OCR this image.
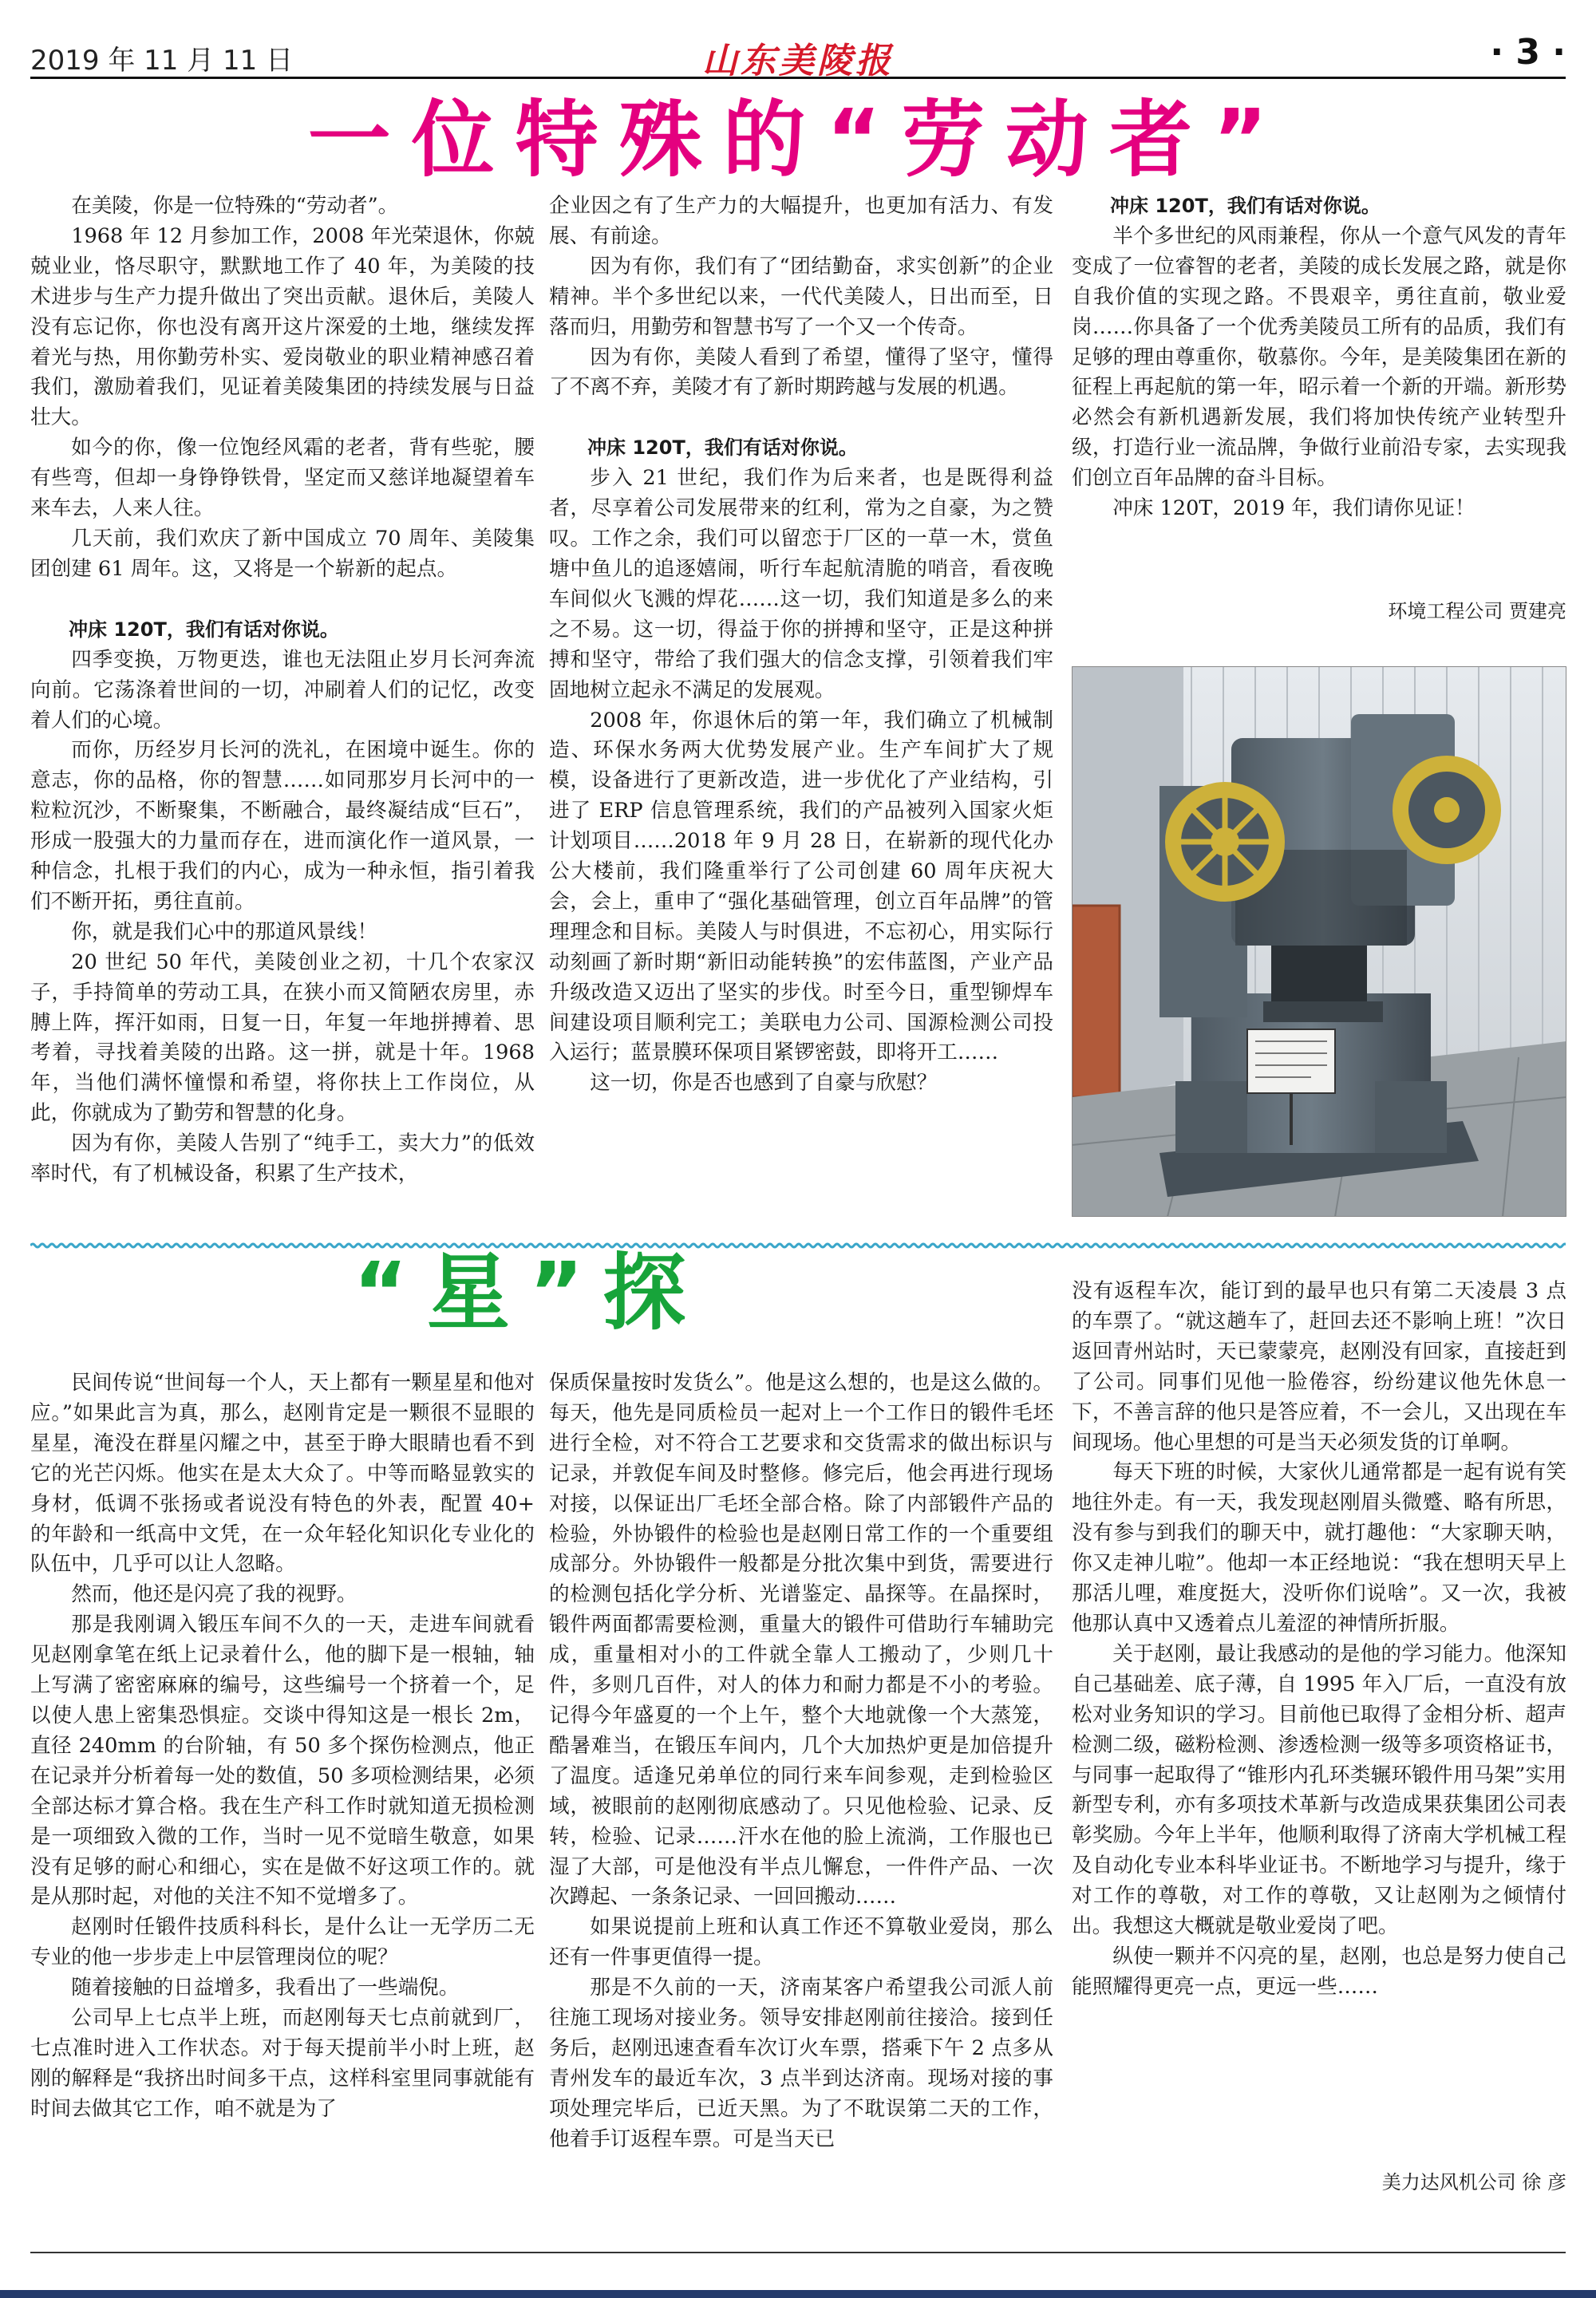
2019 年 11 月 11 日	山东美陵报	· 3 ·
一位特殊的“劳动者”

在美陵，你是一位特殊的“劳动者”。

1968 年 12 月参加工作，2008 年光荣退休，你兢兢业业，恪尽职守，默默地工作了 40 年，为美陵的技术进步与生产力提升做出了突出贡献。退休后，美陵人没有忘记你，你也没有离开这片深爱的土地，继续发挥着光与热，用你勤劳朴实、爱岗敬业的职业精神感召着我们，激励着我们，见证着美陵集团的持续发展与日益壮大。

如今的你，像一位饱经风霜的老者，背有些驼，腰有些弯，但却一身铮铮铁骨，坚定而又慈详地凝望着车来车去，人来人往。

几天前，我们欢庆了新中国成立 70 周年、美陵集团创建 61 周年。这，又将是一个崭新的起点。

冲床 120T，我们有话对你说。

四季变换，万物更迭，谁也无法阻止岁月长河奔流向前。它荡涤着世间的一切，冲刷着人们的记忆，改变着人们的心境。

而你，历经岁月长河的洗礼，在困境中诞生。你的意志，你的品格，你的智慧……如同那岁月长河中的一粒粒沉沙，不断聚集，不断融合，最终凝结成“巨石”，形成一股强大的力量而存在，进而演化作一道风景，一种信念，扎根于我们的内心，成为一种永恒，指引着我们不断开拓，勇往直前。

你，就是我们心中的那道风景线！

20 世纪 50 年代，美陵创业之初，十几个农家汉子，手持简单的劳动工具，在狭小而又简陋农房里，赤膊上阵，挥汗如雨，日复一日，年复一年地拼搏着、思考着，寻找着美陵的出路。这一拼，就是十年。1968 年，当他们满怀憧憬和希望，将你扶上工作岗位，从此，你就成为了勤劳和智慧的化身。

因为有你，美陵人告别了“纯手工，卖大力”的低效率时代，有了机械设备，积累了生产技术，

企业因之有了生产力的大幅提升，也更加有活力、有发展、有前途。

因为有你，我们有了“团结勤奋，求实创新”的企业精神。半个多世纪以来，一代代美陵人，日出而至，日落而归，用勤劳和智慧书写了一个又一个传奇。

因为有你，美陵人看到了希望，懂得了坚守，懂得了不离不弃，美陵才有了新时期跨越与发展的机遇。

冲床 120T，我们有话对你说。

步入 21 世纪，我们作为后来者，也是既得利益者，尽享着公司发展带来的红利，常为之自豪，为之赞叹。工作之余，我们可以留恋于厂区的一草一木，赏鱼塘中鱼儿的追逐嬉闹，听行车起航清脆的哨音，看夜晚车间似火飞溅的焊花……这一切，我们知道是多么的来之不易。这一切，得益于你的拼搏和坚守，正是这种拼搏和坚守，带给了我们强大的信念支撑，引领着我们牢固地树立起永不满足的发展观。

2008 年，你退休后的第一年，我们确立了机械制造、环保水务两大优势发展产业。生产车间扩大了规模，设备进行了更新改造，进一步优化了产业结构，引进了 ERP 信息管理系统，我们的产品被列入国家火炬计划项目……2018 年 9 月 28 日，在崭新的现代化办公大楼前，我们隆重举行了公司创建 60 周年庆祝大会，会上，重申了“强化基础管理，创立百年品牌”的管理理念和目标。美陵人与时俱进，不忘初心，用实际行动刻画了新时期“新旧动能转换”的宏伟蓝图，产业产品升级改造又迈出了坚实的步伐。时至今日，重型铆焊车间建设项目顺利完工；美联电力公司、国源检测公司投入运行；蓝景膜环保项目紧锣密鼓，即将开工……

这一切，你是否也感到了自豪与欣慰？

冲床 120T，我们有话对你说。

半个多世纪的风雨兼程，你从一个意气风发的青年变成了一位睿智的老者，美陵的成长发展之路，就是你自我价值的实现之路。不畏艰辛，勇往直前，敬业爱岗……你具备了一个优秀美陵员工所有的品质，我们有足够的理由尊重你，敬慕你。今年，是美陵集团在新的征程上再起航的第一年，昭示着一个新的开端。新形势必然会有新机遇新发展，我们将加快传统产业转型升级，打造行业一流品牌，争做行业前沿专家，去实现我们创立百年品牌的奋斗目标。

冲床 120T，2019 年，我们请你见证！

环境工程公司 贾建亮

“星”探

民间传说“世间每一个人，天上都有一颗星星和他对应。”如果此言为真，那么，赵刚肯定是一颗很不显眼的星星，淹没在群星闪耀之中，甚至于睁大眼睛也看不到它的光芒闪烁。他实在是太大众了。中等而略显敦实的身材，低调不张扬或者说没有特色的外表，配置 40+ 的年龄和一纸高中文凭，在一众年轻化知识化专业化的队伍中，几乎可以让人忽略。

然而，他还是闪亮了我的视野。

那是我刚调入锻压车间不久的一天，走进车间就看见赵刚拿笔在纸上记录着什么，他的脚下是一根轴，轴上写满了密密麻麻的编号，这些编号一个挤着一个，足以使人患上密集恐惧症。交谈中得知这是一根长 2m，直径 240mm 的台阶轴，有 50 多个探伤检测点，他正在记录并分析着每一处的数值，50 多项检测结果，必须全部达标才算合格。我在生产科工作时就知道无损检测是一项细致入微的工作，当时一见不觉暗生敬意，如果没有足够的耐心和细心，实在是做不好这项工作的。就是从那时起，对他的关注不知不觉增多了。

赵刚时任锻件技质科科长，是什么让一无学历二无专业的他一步步走上中层管理岗位的呢？

随着接触的日益增多，我看出了一些端倪。

公司早上七点半上班，而赵刚每天七点前就到厂，七点准时进入工作状态。对于每天提前半小时上班，赵刚的解释是“我挤出时间多干点，这样科室里同事就能有时间去做其它工作，咱不就是为了

保质保量按时发货么”。他是这么想的，也是这么做的。每天，他先是同质检员一起对上一个工作日的锻件毛坯进行全检，对不符合工艺要求和交货需求的做出标识与记录，并敦促车间及时整修。修完后，他会再进行现场对接，以保证出厂毛坯全部合格。除了内部锻件产品的检验，外协锻件的检验也是赵刚日常工作的一个重要组成部分。外协锻件一般都是分批次集中到货，需要进行的检测包括化学分析、光谱鉴定、晶探等。在晶探时，锻件两面都需要检测，重量大的锻件可借助行车辅助完成，重量相对小的工件就全靠人工搬动了，少则几十件，多则几百件，对人的体力和耐力都是不小的考验。记得今年盛夏的一个上午，整个大地就像一个大蒸笼，酷暑难当，在锻压车间内，几个大加热炉更是加倍提升了温度。适逢兄弟单位的同行来车间参观，走到检验区域，被眼前的赵刚彻底感动了。只见他检验、记录、反转，检验、记录……汗水在他的脸上流淌，工作服也已湿了大部，可是他没有半点儿懈怠，一件件产品、一次次蹲起、一条条记录、一回回搬动……

如果说提前上班和认真工作还不算敬业爱岗，那么还有一件事更值得一提。

那是不久前的一天，济南某客户希望我公司派人前往施工现场对接业务。领导安排赵刚前往接洽。接到任务后，赵刚迅速查看车次订火车票，搭乘下午 2 点多从青州发车的最近车次，3 点半到达济南。现场对接的事项处理完毕后，已近天黑。为了不耽误第二天的工作，他着手订返程车票。可是当天已

没有返程车次，能订到的最早也只有第二天凌晨 3 点的车票了。“就这趟车了，赶回去还不影响上班！”次日返回青州站时，天已蒙蒙亮，赵刚没有回家，直接赶到了公司。同事们见他一脸倦容，纷纷建议他先休息一下，不善言辞的他只是答应着，不一会儿，又出现在车间现场。他心里想的可是当天必须发货的订单啊。

每天下班的时候，大家伙儿通常都是一起有说有笑地往外走。有一天，我发现赵刚眉头微蹙、略有所思，没有参与到我们的聊天中，就打趣他：“大家聊天呐，你又走神儿啦”。他却一本正经地说：“我在想明天早上那活儿哩，难度挺大，没听你们说啥”。又一次，我被他那认真中又透着点儿羞涩的神情所折服。

关于赵刚，最让我感动的是他的学习能力。他深知自己基础差、底子薄，自 1995 年入厂后，一直没有放松对业务知识的学习。目前他已取得了金相分析、超声检测二级，磁粉检测、渗透检测一级等多项资格证书，与同事一起取得了“锥形内孔环类辗环锻件用马架”实用新型专利，亦有多项技术革新与改造成果获集团公司表彰奖励。今年上半年，他顺利取得了济南大学机械工程及自动化专业本科毕业证书。不断地学习与提升，缘于对工作的尊敬，对工作的尊敬，又让赵刚为之倾情付出。我想这大概就是敬业爱岗了吧。

纵使一颗并不闪亮的星，赵刚，也总是努力使自己能照耀得更亮一点，更远一些……

美力达风机公司 徐 彦
